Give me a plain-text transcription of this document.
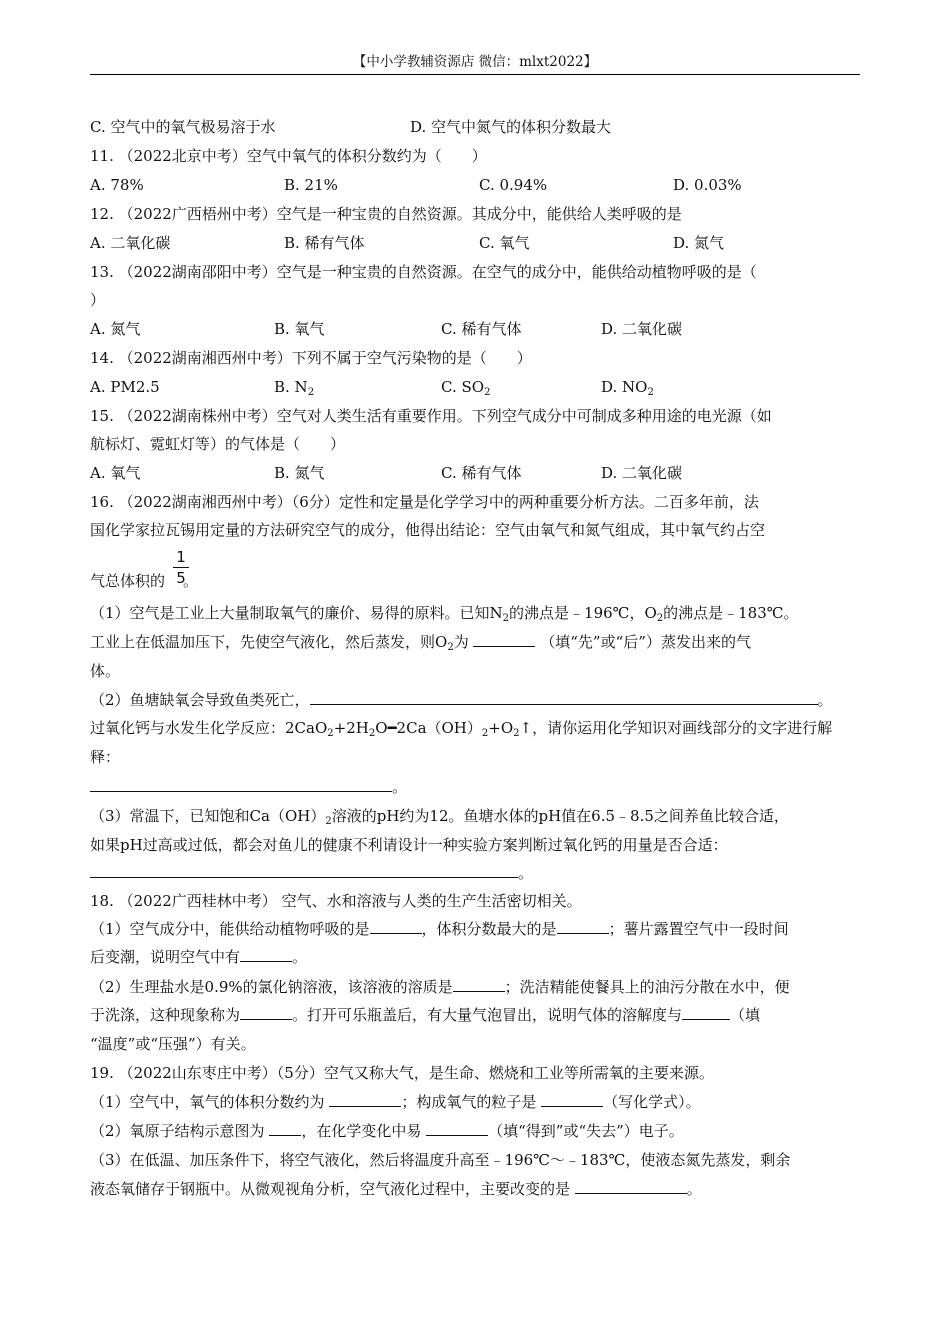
【中小学教辅资源店 微信：mlxt2022】
C. 空气中的氧气极易溶于水	D. 空气中氮气的体积分数最大
11. （2022北京中考）空气中氧气的体积分数约为（　　）
A. 78%	B. 21%	C. 0.94%	D. 0.03%
12. （2022广西梧州中考）空气是一种宝贵的自然资源。其成分中，能供给人类呼吸的是
A. 二氧化碳	B. 稀有气体	C. 氧气	D. 氮气
13. （2022湖南邵阳中考）空气是一种宝贵的自然资源。在空气的成分中，能供给动植物呼吸的是（
）
A. 氮气	B. 氧气	C. 稀有气体	D. 二氧化碳
14. （2022湖南湘西州中考）下列不属于空气污染物的是（　　）
A. PM2.5	B. $N_2$	C. $SO_2$	D. $NO_2$
15. （2022湖南株州中考）空气对人类生活有重要作用。下列空气成分中可制成多种用途的电光源（如
航标灯、霓虹灯等）的气体是（　　）
A. 氧气	B. 氮气	C. 稀有气体	D. 二氧化碳
16. （2022湖南湘西州中考）（6分）定性和定量是化学学习中的两种重要分析方法。二百多年前，法
国化学家拉瓦锡用定量的方法研究空气的成分，他得出结论：空气由氧气和氮气组成，其中氧气约占空
1
5
气总体积的 。
（1）空气是工业上大量制取氧气的廉价、易得的原料。已知$N_2$的沸点是﹣196℃，$O_2$的沸点是﹣183℃。
工业上在低温加压下，先使空气液化，然后蒸发，则$O_2$为	（填“先”或“后”）蒸发出来的气
体。
（2）鱼塘缺氧会导致鱼类死亡，	。
过氧化钙与水发生化学反应：$2CaO_2+2H_2O━2Ca(OH)_2+O_2↑$，请你运用化学知识对画线部分的文字进行解
释：
。
（3）常温下，已知饱和$Ca(OH)_2$溶液的pH约为12。鱼塘水体的pH值在6.5﹣8.5之间养鱼比较合适，
如果pH过高或过低，都会对鱼儿的健康不利请设计一种实验方案判断过氧化钙的用量是否合适：
。
18. （2022广西桂林中考） 空气、水和溶液与人类的生产生活密切相关。
（1）空气成分中，能供给动植物呼吸的是	，体积分数最大的是	；薯片露置空气中一段时间
后变潮，说明空气中有	。
（2）生理盐水是0.9%的氯化钠溶液，该溶液的溶质是	；洗洁精能使餐具上的油污分散在水中，便
于洗涤，这种现象称为	。打开可乐瓶盖后，有大量气泡冒出，说明气体的溶解度与	（填
“温度”或“压强”）有关。
19. （2022山东枣庄中考）（5分）空气又称大气，是生命、燃烧和工业等所需氧的主要来源。
（1）空气中，氧气的体积分数约为	；构成氧气的粒子是	（写化学式）。
（2）氧原子结构示意图为 ，在化学变化中易	（填“得到”或“失去”）电子。
（3）在低温、加压条件下，将空气液化，然后将温度升高至﹣196℃～﹣183℃，使液态氮先蒸发，剩余
液态氧储存于钢瓶中。从微观视角分析，空气液化过程中，主要改变的是	。
